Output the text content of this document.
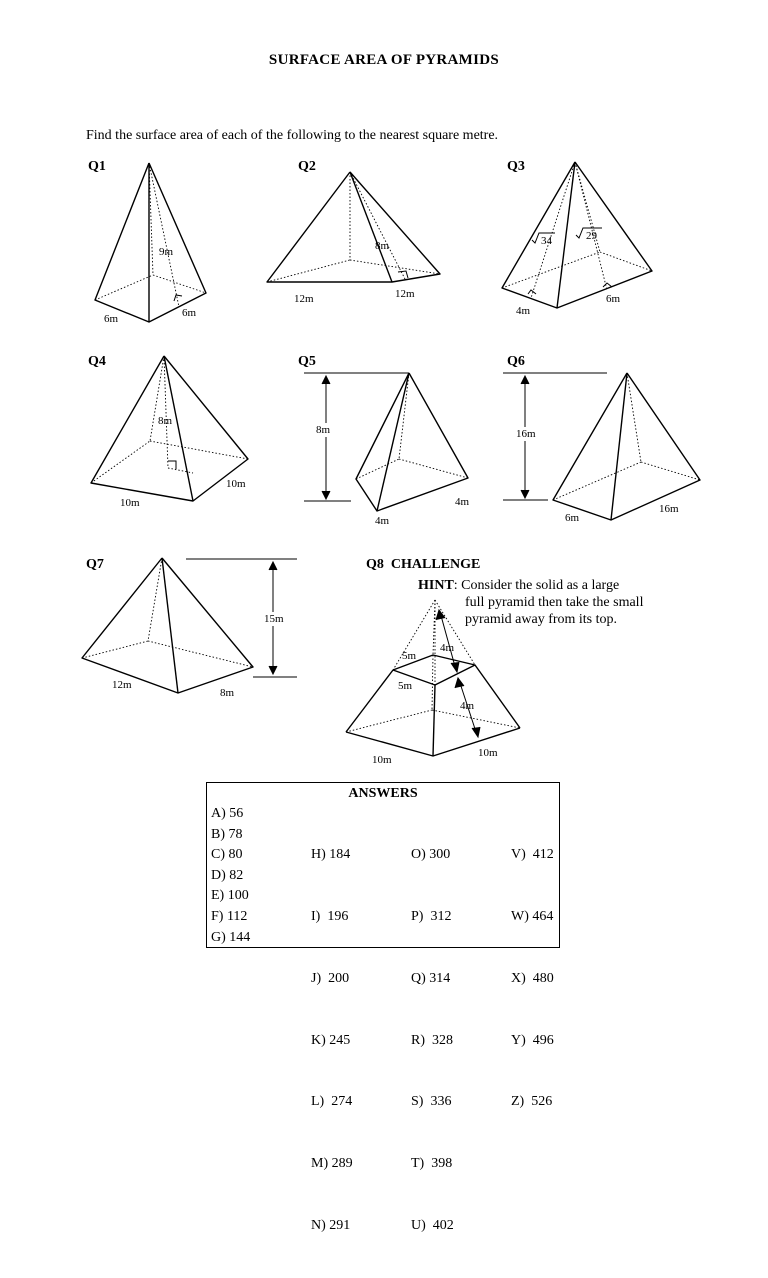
SURFACE AREA OF PYRAMIDS
Find the surface area of each of the following to the nearest square metre.
Q1	Q2	Q3
Q4	Q5	Q6
Q7	Q8  CHALLENGE
9m
6m	6m
8m
12m	12m
34	29
4m
6m
8m
10m
10m
8m
4m
4m
16m
6m
16m
15m
12m
8m
4m
5m
5m
4m
10m
10m
HINT: Consider the solid as a large
full pyramid then take the small
pyramid away from its top.
ANSWERS
A) 56
B) 78
C) 80
D) 82
E) 100
F) 112
G) 144

H) 184

I)  196

J)  200

K) 245

L)  274

M) 289

N) 291

O) 300

P)  312

Q) 314

R)  328

S)  336

T)  398

U)  402

V)  412

W) 464

X)  480

Y)  496

Z)  526
